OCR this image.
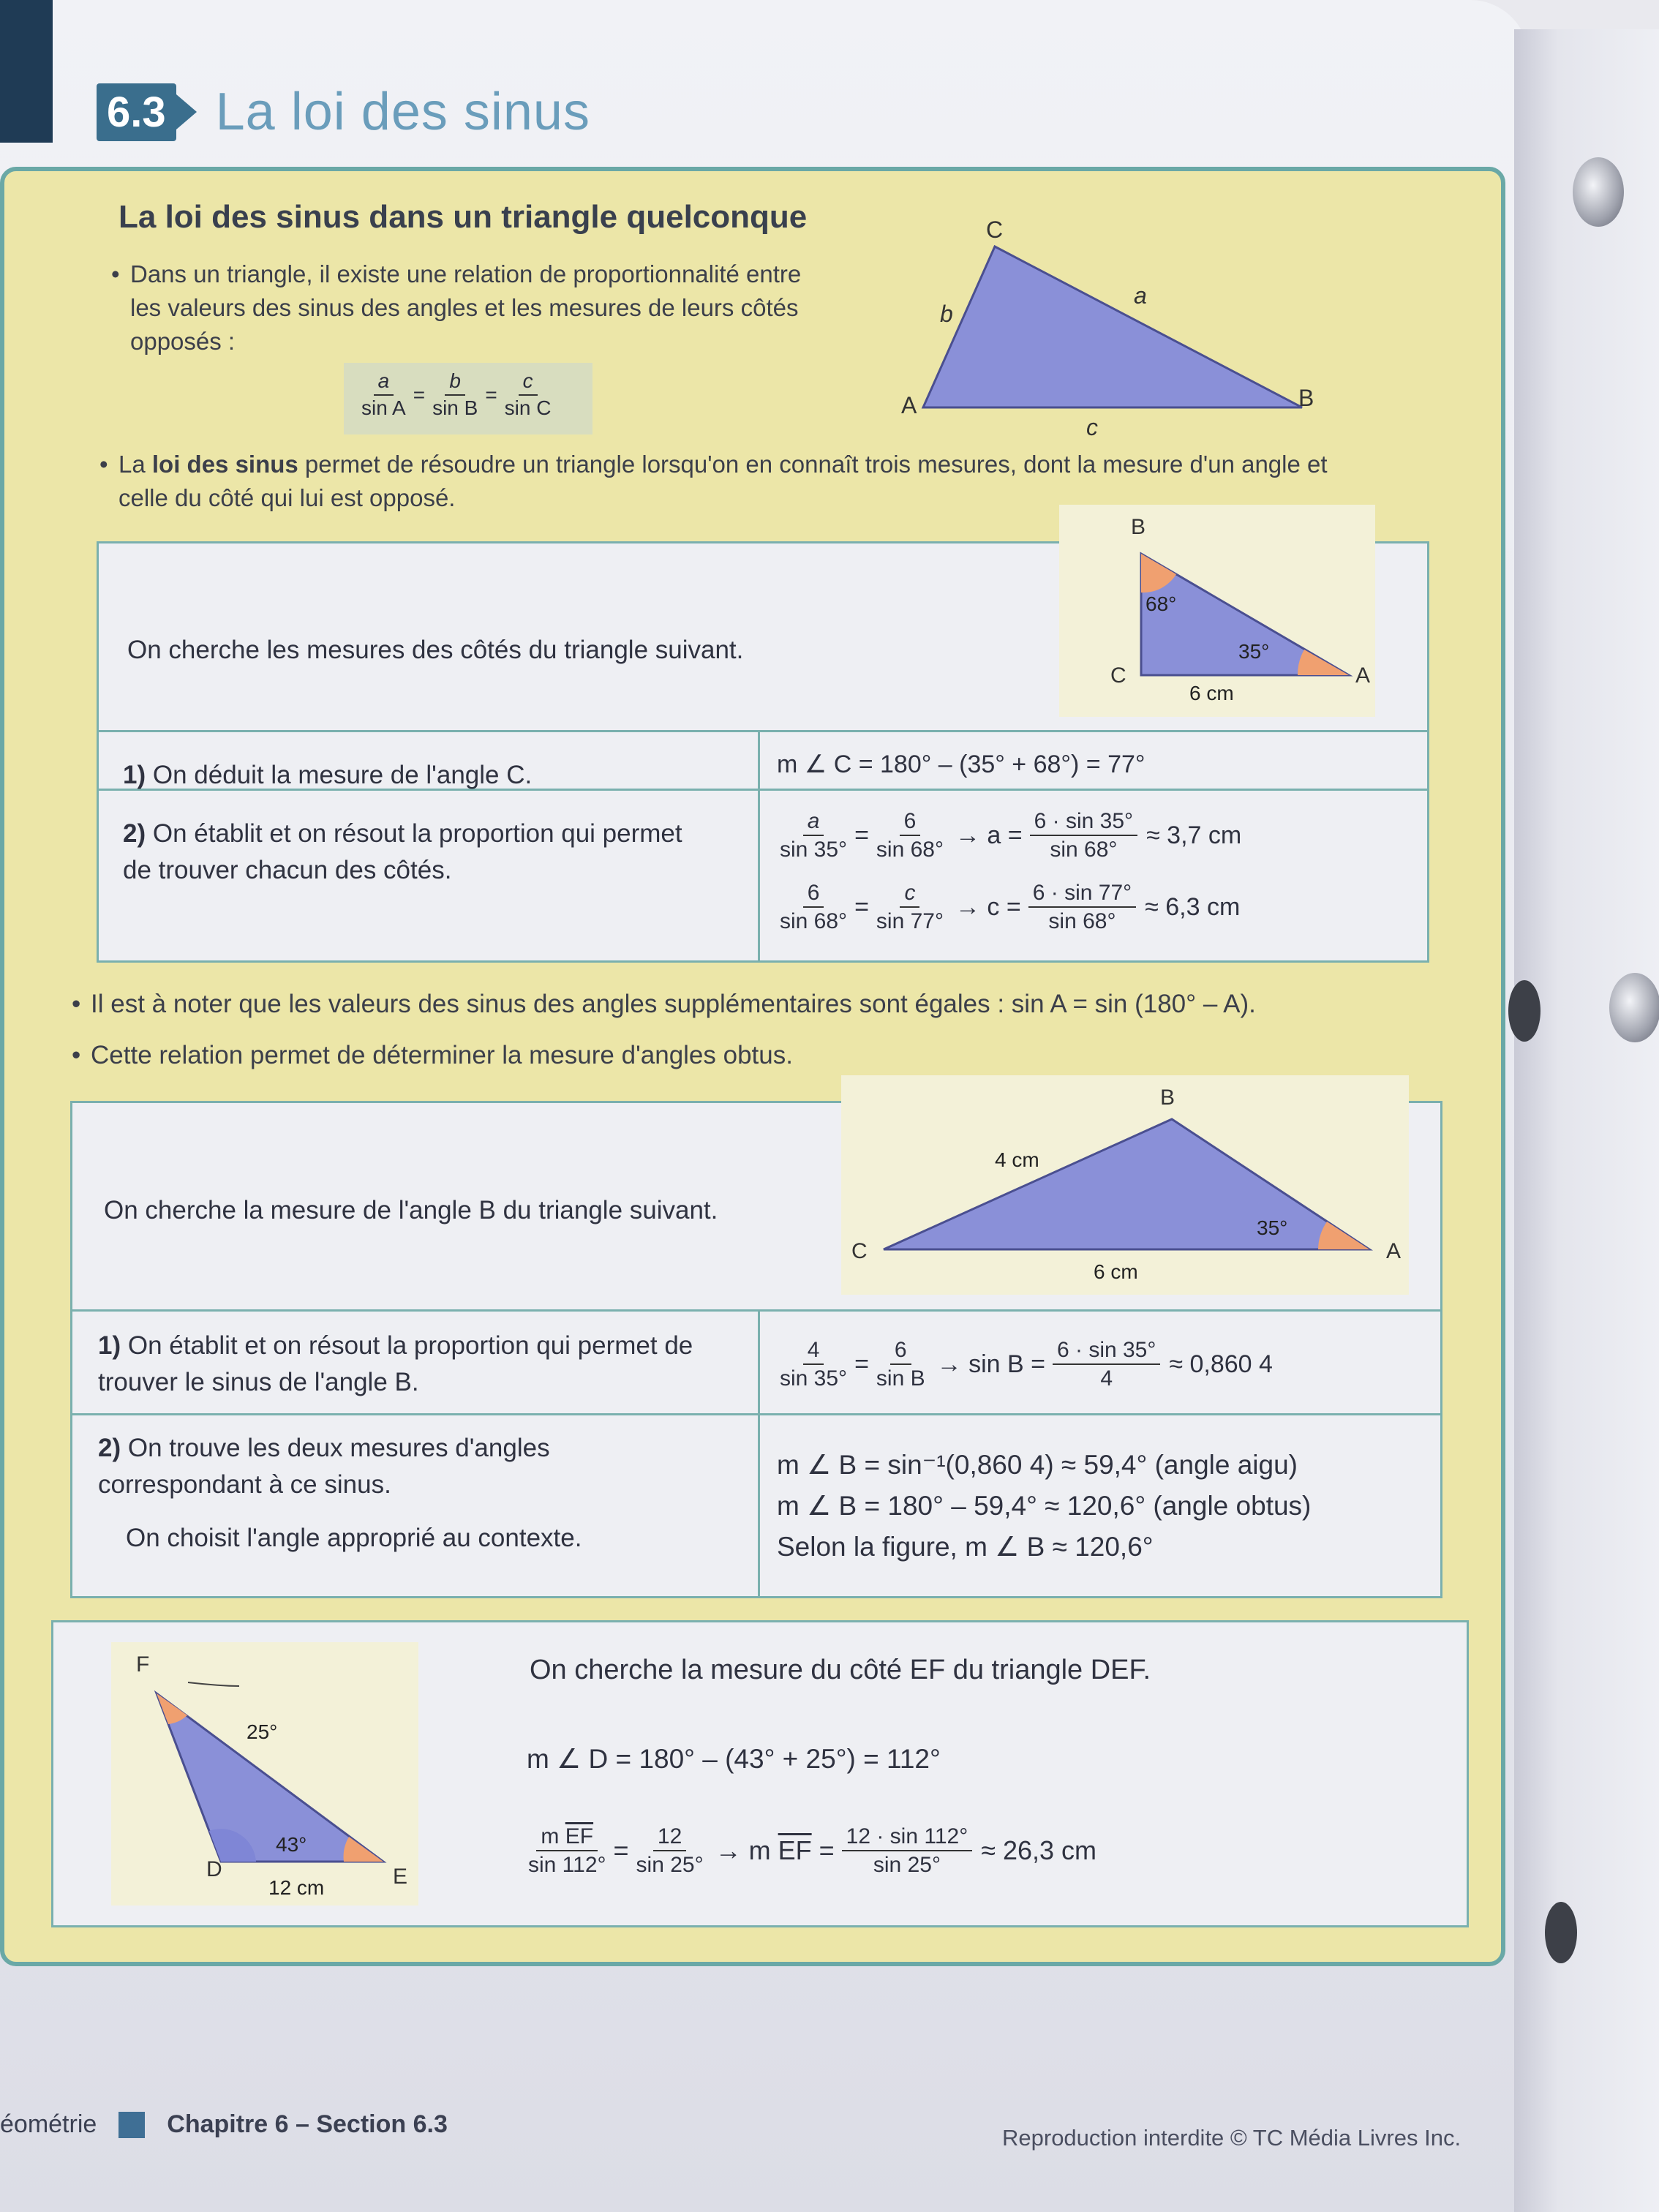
6.3 La loi des sinus
La loi des sinus dans un triangle quelconque
• Dans un triangle, il existe une relation de proportionnalité entre les valeurs des sinus des angles et les mesures de leurs côtés opposés :
$\frac{a}{\text{sin A}} = \frac{b}{\text{sin B}} = \frac{c}{\text{sin C}}$
C
A	B
b
a
c
• La loi des sinus permet de résoudre un triangle lorsqu'on en connaît trois mesures, dont la mesure d'un angle et celle du côté qui lui est opposé.
On cherche les mesures des côtés du triangle suivant.
B
C	A
68°
35°
6 cm
1) On déduit la mesure de l'angle C.	m ∠ C = 180° – (35° + 68°) = 77°
2) On établit et on résout la proportion qui permet de trouver chacun des côtés.
$\frac{a}{\sin 35^\circ} = \frac{6}{\sin 68^\circ} \to a = \frac{6 \cdot \sin 35^\circ}{\sin 68^\circ} \approx 3,7$ cm
$\frac{6}{\sin 68^\circ} = \frac{c}{\sin 77^\circ} \to c = \frac{6 \cdot \sin 77^\circ}{\sin 68^\circ} \approx 6,3$ cm
• Il est à noter que les valeurs des sinus des angles supplémentaires sont égales : sin A = sin (180° – A).
• Cette relation permet de déterminer la mesure d'angles obtus.
On cherche la mesure de l'angle B du triangle suivant.
B
C	A
4 cm
35°
6 cm
1) On établit et on résout la proportion qui permet de trouver le sinus de l'angle B.	$\frac{4}{\sin 35^\circ} = \frac{6}{\text{sin B}} \to \sin B = \frac{6 \cdot \sin 35^\circ}{4} \approx 0,860$ 4
2) On trouve les deux mesures d'angles correspondant à ce sinus.
On choisit l'angle approprié au contexte.
m ∠ B = sin⁻¹(0,860 4) ≈ 59,4° (angle aigu)
m ∠ B = 180° – 59,4° ≈ 120,6° (angle obtus)
Selon la figure, m ∠ B ≈ 120,6°
F
D	E
25°
43°
12 cm
On cherche la mesure du côté EF du triangle DEF.
m ∠ D = 180° – (43° + 25°) = 112°
$\frac{m \overline{EF}}{\sin 112^\circ} = \frac{12}{\sin 25^\circ} \to m$ $\overline{EF} = \frac{12 \cdot \sin 112^\circ}{\sin 25^\circ} \approx 26,3$ cm
éométrie	Chapitre 6 – Section 6.3	Reproduction interdite © TC Média Livres Inc.
